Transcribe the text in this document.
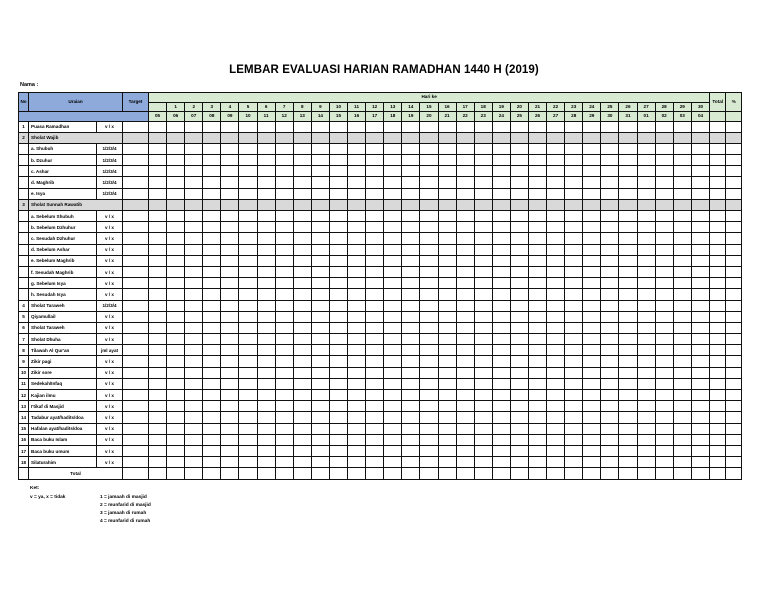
LEMBAR EVALUASI HARIAN RAMADHAN 1440 H (2019)
Nama :
No	Uraian		Target	Hari ke																															Total	%
					1	2	3	4	5	6	7	8	9	10	11	12	13	14	15	16	17	18	19	20	21	22	23	24	25	26	27	28	29	30		
				05	06	07	08	09	10	11	12	13	14	15	16	17	18	19	20	21	22	23	24	25	26	27	28	29	30	31	01	02	03	04		
1	Puasa Ramadhan	v / x																																		
2	Sholat Wajib																																			
	a. Shubuh	1/2/3/4																																		
	b. Dzuhur	1/2/3/4																																		
	c. Ashar	1/2/3/4																																		
	d. Maghrib	1/2/3/4																																		
	e. Isya	1/2/3/4																																		
3	Sholat Sunnah Rawatib																																			
	a. Sebelum Shubuh	v / x																																		
	b. Sebelum Dzhuhur	v / x																																		
	c. Sesudah Dzhuhur	v / x																																		
	d. Sebelum Ashar	v / x																																		
	e. Sebelum Maghrib	v / x																																		
	f. Sesudah Maghrib	v / x																																		
	g. Sebelum Isya	v / x																																		
	h. Sesudah Isya	v / x																																		
4	Sholat Taraweh	1/2/3/4																																		
5	Qiyamullail	v / x																																		
6	Sholat Taraweh	v / x																																		
7	Sholat Dhuha	v / x																																		
8	Tilawah Al Qur'an	jml ayat																																		
9	Zikir pagi	v / x																																		
10	Zikir sore	v / x																																		
11	Sedekah/Infaq	v / x																																		
12	Kajian ilmu	v / x																																		
13	I'tikaf di Masjid	v / x																																		
14	Tadabur ayat/hadits/doa	v / x																																		
15	Hafalan ayat/hadits/doa	v / x																																		
16	Baca buku Islam	v / x																																		
17	Baca buku umum	v / x																																		
18	Silaturahim	v / x																																		
	Total																																			
Ket:
v = ya, x = tidak	1 = jamaah di masjid
2 = munfarid di masjid
3 = jamaah di rumah
4 = munfarid di rumah
